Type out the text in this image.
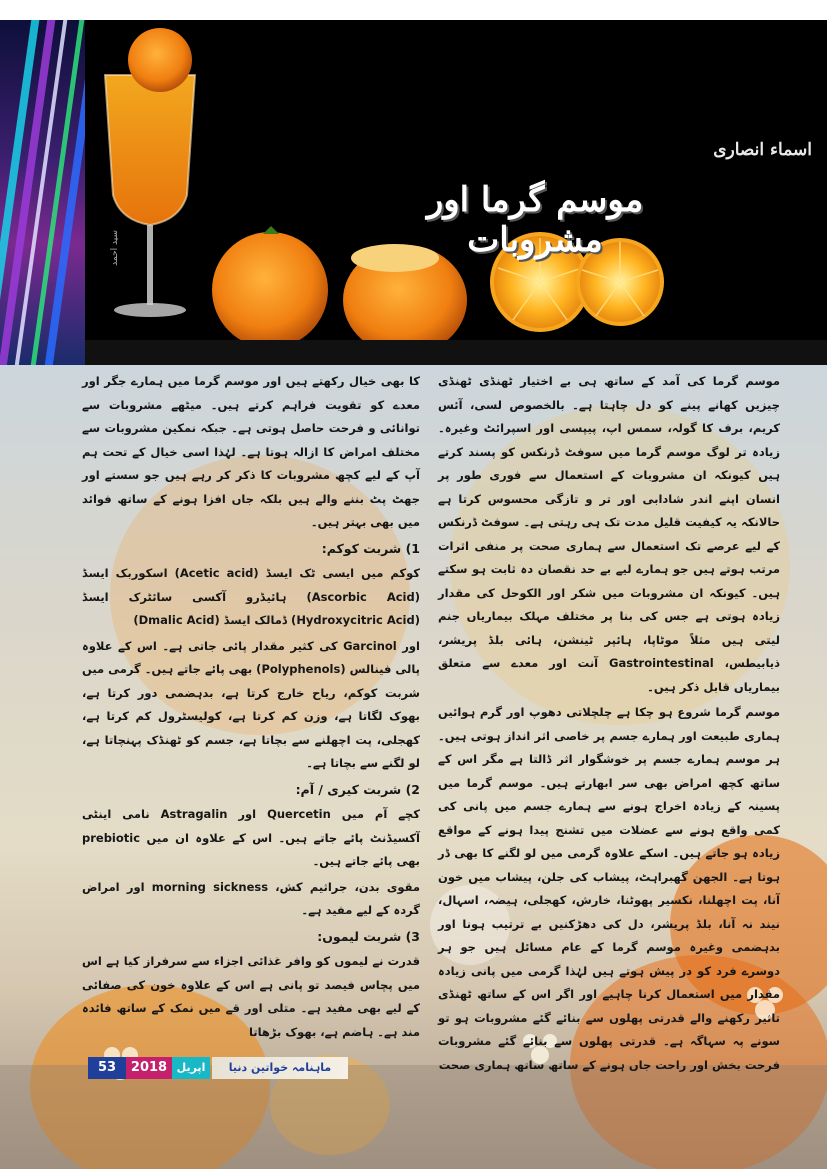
موسم گرما اور مشروبات
اسماء انصاری
سید احمد

موسم گرما کی آمد کے ساتھ ہی بے اختیار ٹھنڈی ٹھنڈی چیزیں کھانے پینے کو دل چاہتا ہے۔ بالخصوص لسی، آئس کریم، برف کا گولہ، سمس اپ، پیپسی اور اسپرائٹ وغیرہ۔ زیادہ تر لوگ موسم گرما میں سوفٹ ڈرنکس کو پسند کرتے ہیں کیونکہ ان مشروبات کے استعمال سے فوری طور پر انسان اپنے اندر شادابی اور تر و تازگی محسوس کرتا ہے حالانکہ یہ کیفیت قلیل مدت تک ہی رہتی ہے۔ سوفٹ ڈرنکس کے لیے عرصے تک استعمال سے ہماری صحت پر منفی اثرات مرتب ہوتے ہیں جو ہمارے لیے بے حد نقصان دہ ثابت ہو سکتے ہیں۔ کیونکہ ان مشروبات میں شکر اور الکوحل کی مقدار زیادہ ہوتی ہے جس کی بنا پر مختلف مہلک بیماریاں جنم لیتی ہیں مثلاً موٹاپا، ہائپر ٹینشن، ہائی بلڈ پریشر، ذیابیطس، Gastrointestinal آنت اور معدے سے متعلق بیماریاں قابل ذکر ہیں۔

موسم گرما شروع ہو چکا ہے چلچلاتی دھوپ اور گرم ہوائیں ہماری طبیعت اور ہمارے جسم پر خاصی اثر انداز ہوتی ہیں۔ ہر موسم ہمارے جسم پر خوشگوار اثر ڈالتا ہے مگر اس کے ساتھ کچھ امراض بھی سر ابھارتے ہیں۔ موسم گرما میں پسینہ کے زیادہ اخراج ہونے سے ہمارے جسم میں پانی کی کمی واقع ہونے سے عضلات میں تشنج پیدا ہونے کے مواقع زیادہ ہو جاتے ہیں۔ اسکے علاوہ گرمی میں لو لگنے کا بھی ڈر ہوتا ہے۔ الجھن گھبراہٹ، پیشاب کی جلن، پیشاب میں خون آنا، پت اچھلنا، نکسیر پھوٹنا، خارش، کھجلی، ہیضہ، اسہال، نیند نہ آنا، بلڈ پریشر، دل کی دھڑکنیں بے ترتیب ہونا اور بدہضمی وغیرہ موسم گرما کے عام مسائل ہیں جو ہر دوسرے فرد کو در پیش ہوتے ہیں لہٰذا گرمی میں پانی زیادہ مقدار میں استعمال کرنا چاہیے اور اگر اس کے ساتھ ٹھنڈی تاثیر رکھنے والے قدرتی پھلوں سے بنائے گئے مشروبات ہو تو سونے پہ سہاگہ ہے۔ قدرتی پھلوں سے بنائے گئے مشروبات فرحت بخش اور راحت جاں ہونے کے ساتھ ساتھ ہماری صحت

کا بھی خیال رکھتے ہیں اور موسم گرما میں ہمارے جگر اور معدے کو تقویت فراہم کرتے ہیں۔ میٹھے مشروبات سے توانائی و فرحت حاصل ہوتی ہے۔ جبکہ نمکین مشروبات سے مختلف امراض کا ازالہ ہوتا ہے۔ لہٰذا اسی خیال کے تحت ہم آپ کے لیے کچھ مشروبات کا ذکر کر رہے ہیں جو سستے اور جھٹ پٹ بننے والے ہیں بلکہ جاں افزا ہونے کے ساتھ فوائد میں بھی بہتر ہیں۔

1) شربت کوکم:

کوکم میں ایسی ٹک ایسڈ (Acetic acid) اسکوربک ایسڈ (Ascorbic Acid) ہائیڈرو آکسی سائٹرک ایسڈ (Hydroxycitric Acid) ڈمالک ایسڈ (Dmalic Acid)

اور Garcinol کی کثیر مقدار پائی جاتی ہے۔ اس کے علاوہ پالی فینالس (Polyphenols) بھی پائے جاتے ہیں۔ گرمی میں شربت کوکم، ریاح خارج کرتا ہے، بدہضمی دور کرتا ہے، بھوک لگاتا ہے، وزن کم کرتا ہے، کولیسٹرول کم کرتا ہے، کھجلی، پت اچھلنے سے بچاتا ہے، جسم کو ٹھنڈک پہنچاتا ہے، لو لگنے سے بچاتا ہے۔

2) شربت کیری / آم:

کچے آم میں Quercetin اور Astragalin نامی اینٹی آکسیڈنٹ پائے جاتے ہیں۔ اس کے علاوہ ان میں prebiotic بھی پائے جاتے ہیں۔

مقوی بدن، جراثیم کش، morning sickness اور امراض گردہ کے لیے مفید ہے۔

3) شربت لیموں:

قدرت نے لیموں کو وافر غذائی اجزاء سے سرفراز کیا ہے اس میں پچاس فیصد تو پانی ہے اس کے علاوہ خون کی صفائی کے لیے بھی مفید ہے۔ متلی اور قے میں نمک کے ساتھ فائدہ مند ہے۔ ہاضم ہے، بھوک بڑھاتا

53	2018 اپریل	ماہنامہ خواتین دنیا
